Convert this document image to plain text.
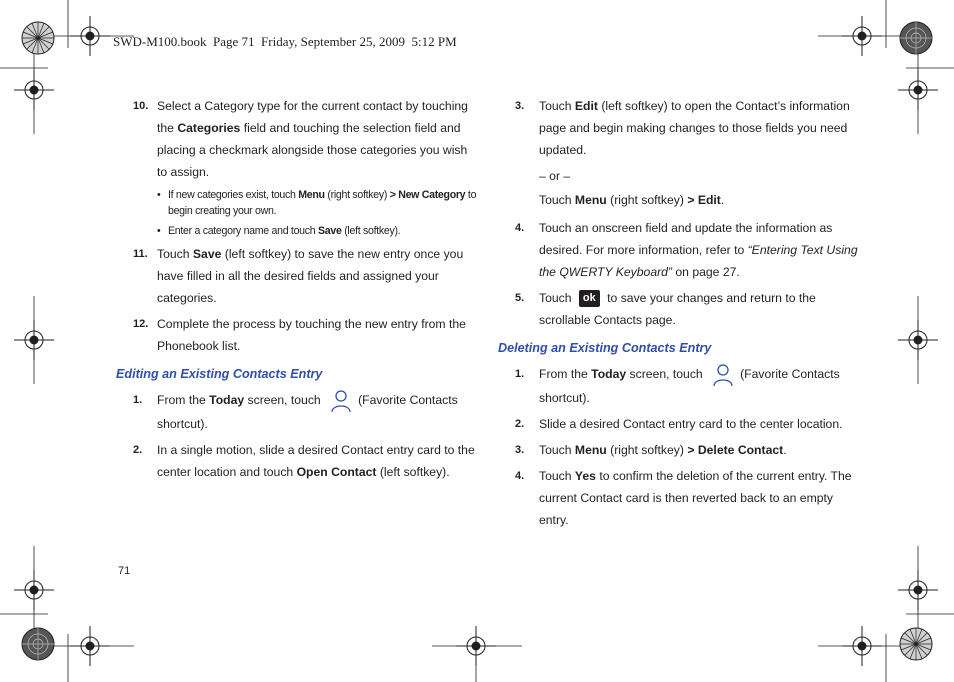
SWD-M100.book  Page 71  Friday, September 25, 2009  5:12 PM
10. Select a Category type for the current contact by touching the Categories field and touching the selection field and placing a checkmark alongside those categories you wish to assign.
• If new categories exist, touch Menu (right softkey) > New Category to begin creating your own.
• Enter a category name and touch Save (left softkey).
11. Touch Save (left softkey) to save the new entry once you have filled in all the desired fields and assigned your categories.
12. Complete the process by touching the new entry from the Phonebook list.
Editing an Existing Contacts Entry
1. From the Today screen, touch	(Favorite Contacts shortcut).
2. In a single motion, slide a desired Contact entry card to the center location and touch Open Contact (left softkey).
3. Touch Edit (left softkey) to open the Contact’s information page and begin making changes to those fields you need updated.
– or –
Touch Menu (right softkey) > Edit.
4. Touch an onscreen field and update the information as desired. For more information, refer to “Entering Text Using the QWERTY Keyboard” on page 27.
5. Touch ok to save your changes and return to the scrollable Contacts page.
Deleting an Existing Contacts Entry
1. From the Today screen, touch	(Favorite Contacts shortcut).
2. Slide a desired Contact entry card to the center location.
3. Touch Menu (right softkey) > Delete Contact.
4. Touch Yes to confirm the deletion of the current entry. The current Contact card is then reverted back to an empty entry.
71
